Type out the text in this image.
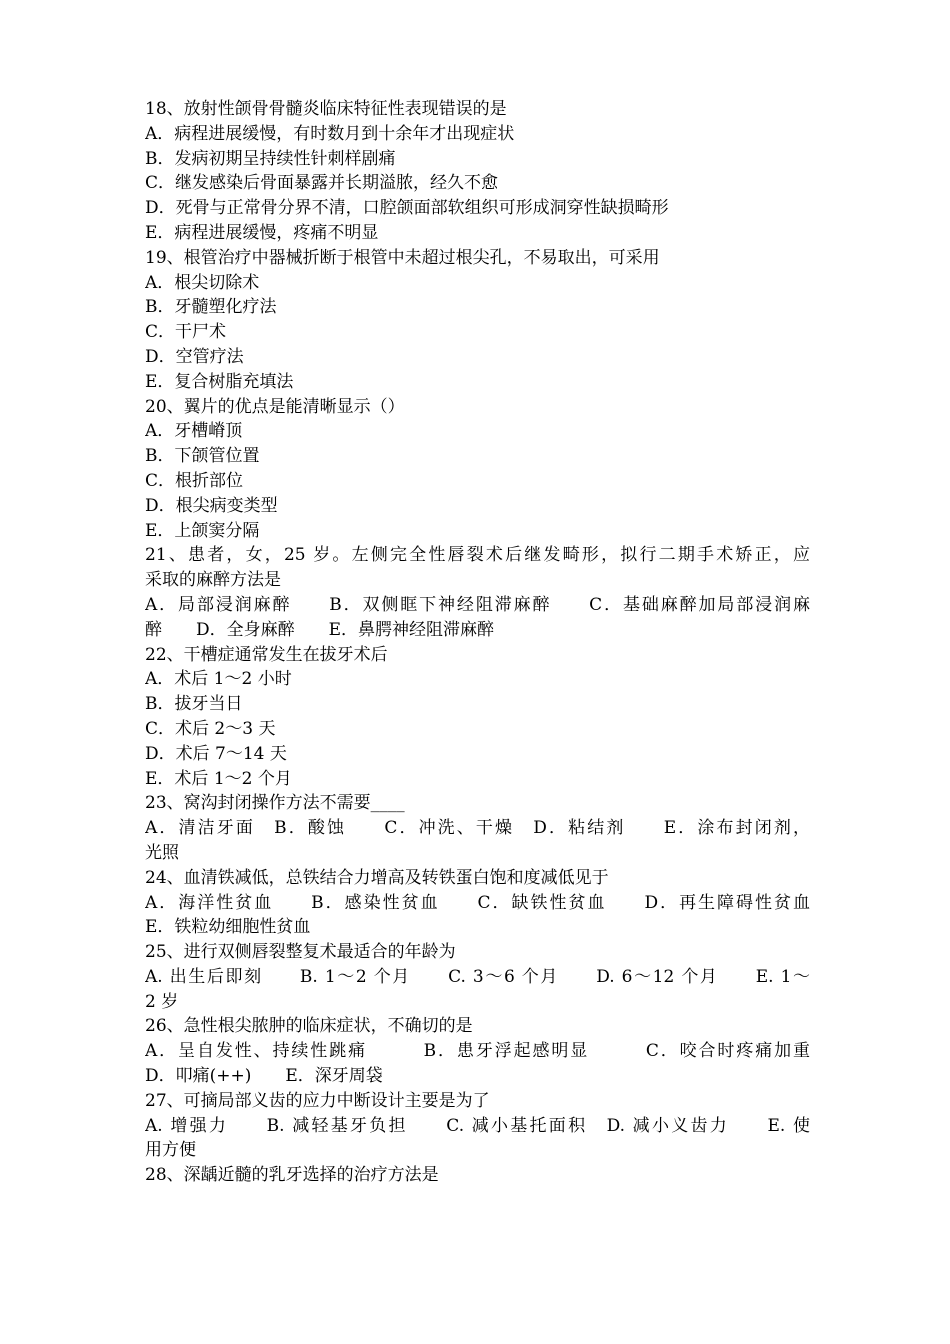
18、放射性颌骨骨髓炎临床特征性表现错误的是
A．病程进展缓慢，有时数月到十余年才出现症状
B．发病初期呈持续性针刺样剧痛
C．继发感染后骨面暴露并长期溢脓，经久不愈
D．死骨与正常骨分界不清，口腔颌面部软组织可形成洞穿性缺损畸形
E．病程进展缓慢，疼痛不明显
19、根管治疗中器械折断于根管中未超过根尖孔，不易取出，可采用
A．根尖切除术
B．牙髓塑化疗法
C．干尸术
D．空管疗法
E．复合树脂充填法
20、翼片的优点是能清晰显示（）
A．牙槽嵴顶
B．下颌管位置
C．根折部位
D．根尖病变类型
E．上颌窦分隔
21、患者，女，25 岁。左侧完全性唇裂术后继发畸形，拟行二期手术矫正，应
采取的麻醉方法是
A．局部浸润麻醉　　B．双侧眶下神经阻滞麻醉　　C．基础麻醉加局部浸润麻
醉　　D．全身麻醉　　E．鼻腭神经阻滞麻醉
22、干槽症通常发生在拔牙术后
A．术后 1～2 小时
B．拔牙当日
C．术后 2～3 天
D．术后 7～14 天
E．术后 1～2 个月
23、窝沟封闭操作方法不需要____
A．清洁牙面　B．酸蚀　　C．冲洗、干燥　D．粘结剂　　E．涂布封闭剂，
光照
24、血清铁减低，总铁结合力增高及转铁蛋白饱和度减低见于
A．海洋性贫血　　B．感染性贫血　　C．缺铁性贫血　　D．再生障碍性贫血
E．铁粒幼细胞性贫血
25、进行双侧唇裂整复术最适合的年龄为
A. 出生后即刻　　B. 1～2 个月　　C. 3～6 个月　　D. 6～12 个月　　E. 1～
2 岁
26、急性根尖脓肿的临床症状，不确切的是
A．呈自发性、持续性跳痛　　　B．患牙浮起感明显　　　C．咬合时疼痛加重
D．叩痛(++)　　E．深牙周袋
27、可摘局部义齿的应力中断设计主要是为了
A. 增强力　　B. 减轻基牙负担　　C. 减小基托面积　D. 减小义齿力　　E. 使
用方便
28、深龋近髓的乳牙选择的治疗方法是
